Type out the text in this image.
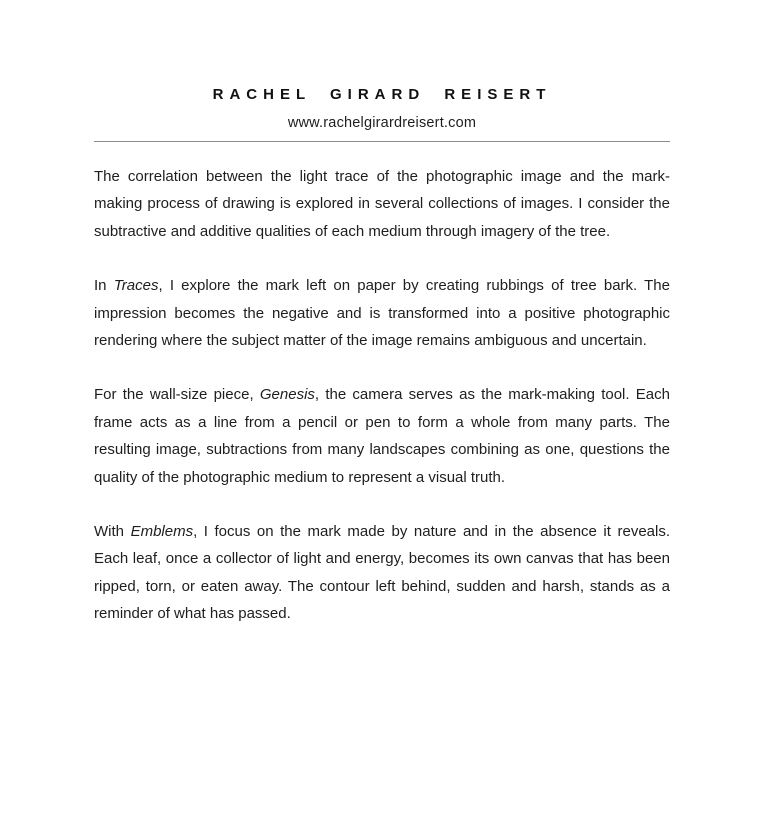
RACHEL GIRARD REISERT
www.rachelgirardreisert.com

The correlation between the light trace of the photographic image and the mark-making process of drawing is explored in several collections of images. I consider the subtractive and additive qualities of each medium through imagery of the tree.

In Traces, I explore the mark left on paper by creating rubbings of tree bark. The impression becomes the negative and is transformed into a positive photographic rendering where the subject matter of the image remains ambiguous and uncertain.

For the wall-size piece, Genesis, the camera serves as the mark-making tool. Each frame acts as a line from a pencil or pen to form a whole from many parts. The resulting image, subtractions from many landscapes combining as one, questions the quality of the photographic medium to represent a visual truth.

With Emblems, I focus on the mark made by nature and in the absence it reveals. Each leaf, once a collector of light and energy, becomes its own canvas that has been ripped, torn, or eaten away. The contour left behind, sudden and harsh, stands as a reminder of what has passed.
